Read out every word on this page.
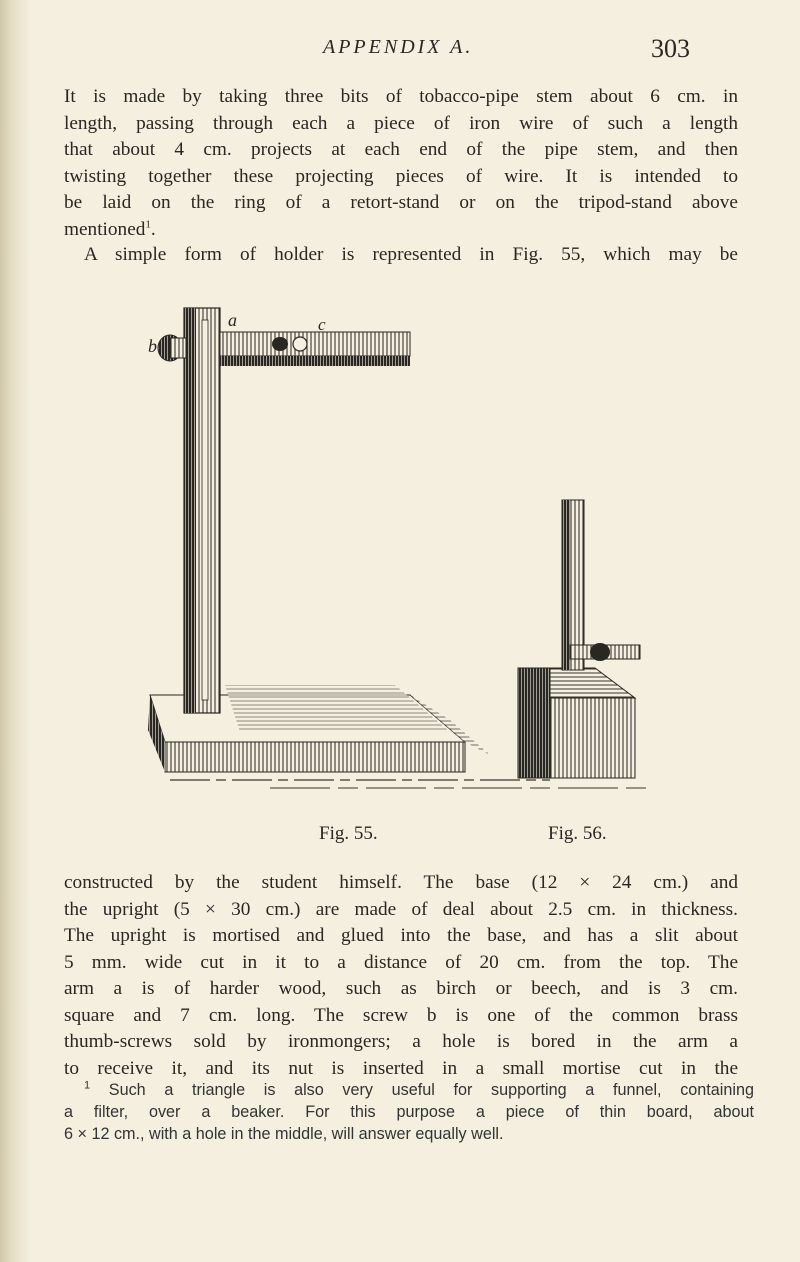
APPENDIX A.	303
It is made by taking three bits of tobacco-pipe stem about 6 cm. in
length, passing through each a piece of iron wire of such a length
that about 4 cm. projects at each end of the pipe stem, and then
twisting together these projecting pieces of wire. It is intended to
be laid on the ring of a retort-stand or on the tripod-stand above
mentioned$^1$.
A simple form of holder is represented in Fig. 55, which may be
b
a	c
Fig. 55.	Fig. 56.
constructed by the student himself. The base (12 × 24 cm.) and
the upright (5 × 30 cm.) are made of deal about 2.5 cm. in thickness.
The upright is mortised and glued into the base, and has a slit about
5 mm. wide cut in it to a distance of 20 cm. from the top. The
arm a is of harder wood, such as birch or beech, and is 3 cm.
square and 7 cm. long. The screw b is one of the common brass
thumb-screws sold by ironmongers; a hole is bored in the arm a
to receive it, and its nut is inserted in a small mortise cut in the
$^1$ Such a triangle is also very useful for supporting a funnel, containing
a filter, over a beaker. For this purpose a piece of thin board, about
6 × 12 cm., with a hole in the middle, will answer equally well.
